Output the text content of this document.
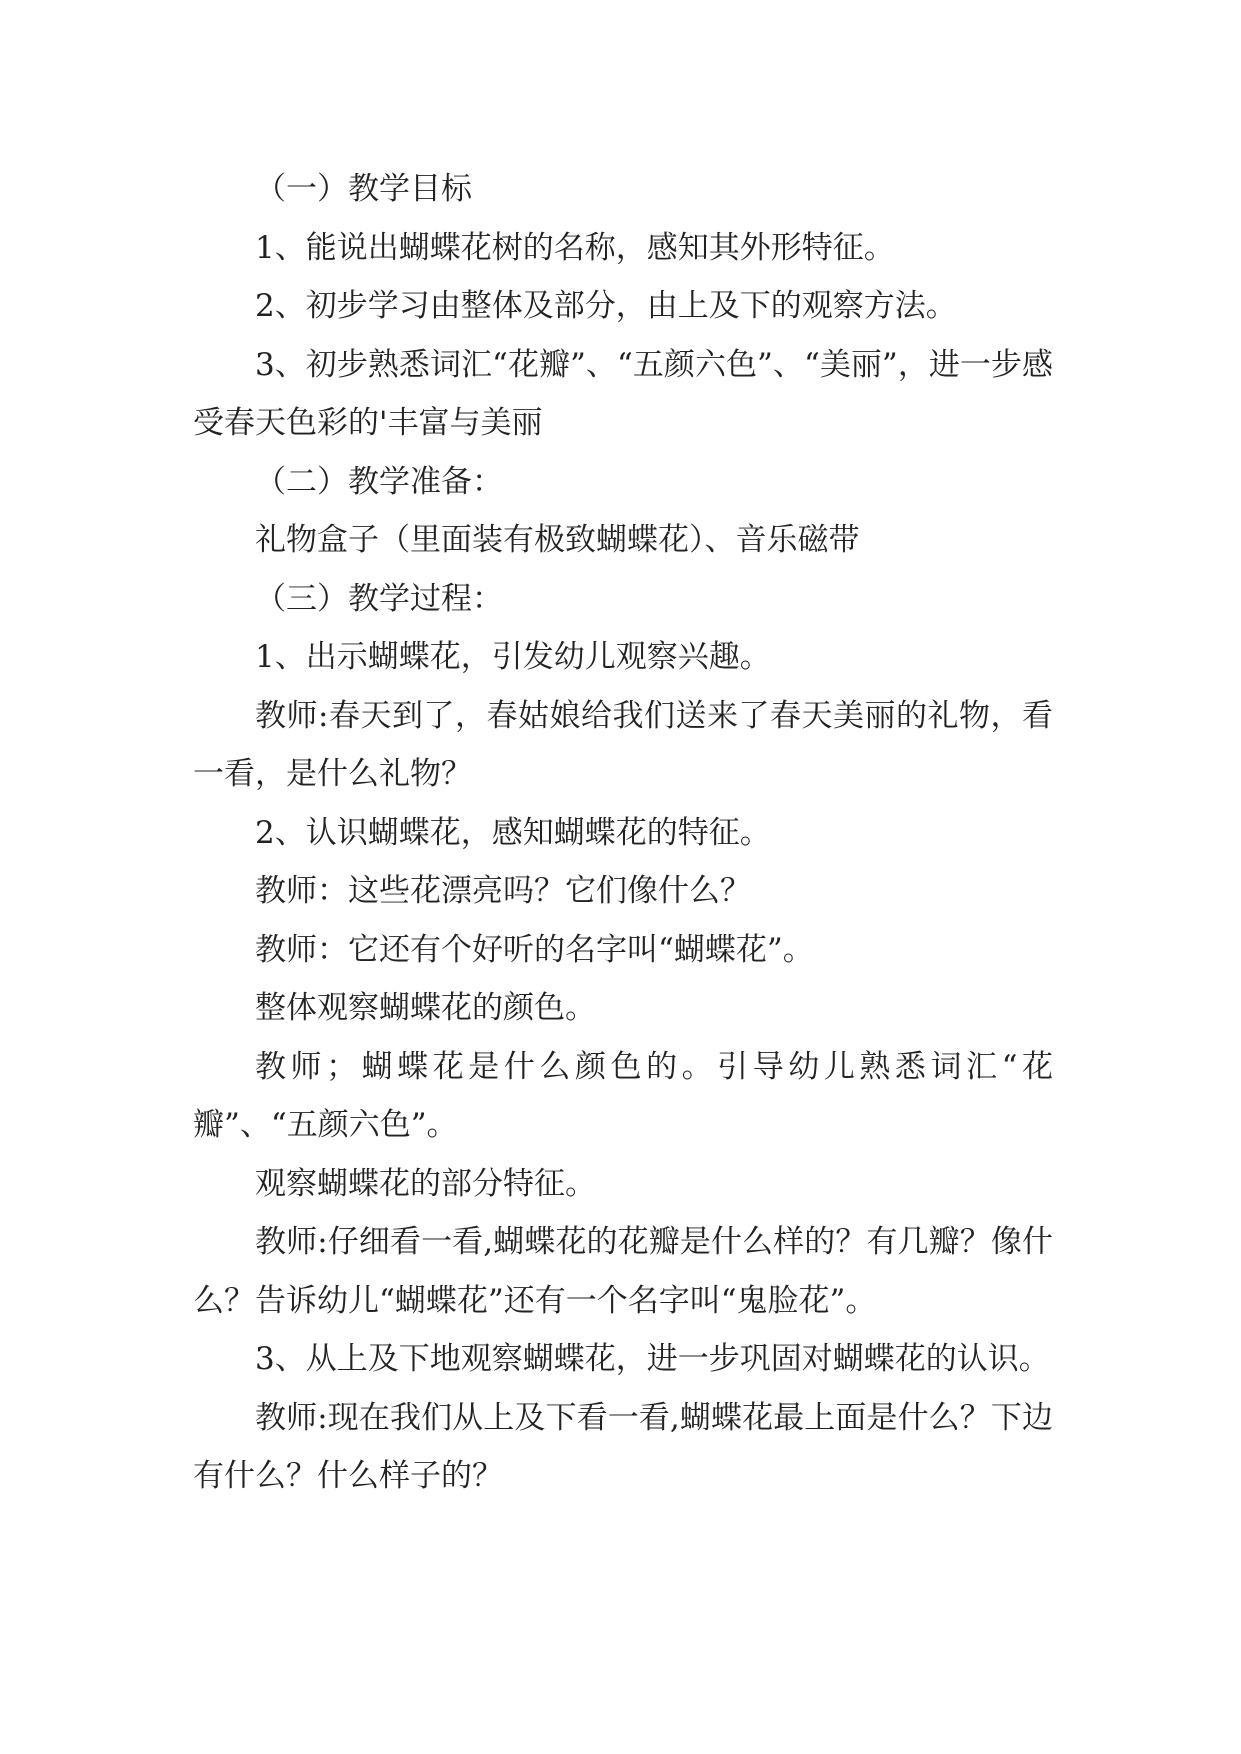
（一）教学目标

1、能说出蝴蝶花树的名称，感知其外形特征。

2、初步学习由整体及部分，由上及下的观察方法。

3、初步熟悉词汇“花瓣”、“五颜六色”、“美丽”，进一步感受春天色彩的'丰富与美丽

（二）教学准备：

礼物盒子（里面装有极致蝴蝶花）、音乐磁带

（三）教学过程：

1、出示蝴蝶花，引发幼儿观察兴趣。

教师:春天到了，春姑娘给我们送来了春天美丽的礼物，看一看，是什么礼物？

2、认识蝴蝶花，感知蝴蝶花的特征。

教师：这些花漂亮吗？它们像什么？

教师：它还有个好听的名字叫“蝴蝶花”。

整体观察蝴蝶花的颜色。

教师；蝴蝶花是什么颜色的。引导幼儿熟悉词汇“花瓣”、“五颜六色”。

观察蝴蝶花的部分特征。

教师:仔细看一看,蝴蝶花的花瓣是什么样的？有几瓣？像什么？告诉幼儿“蝴蝶花”还有一个名字叫“鬼脸花”。

3、从上及下地观察蝴蝶花，进一步巩固对蝴蝶花的认识。

教师:现在我们从上及下看一看,蝴蝶花最上面是什么？下边有什么？什么样子的？
